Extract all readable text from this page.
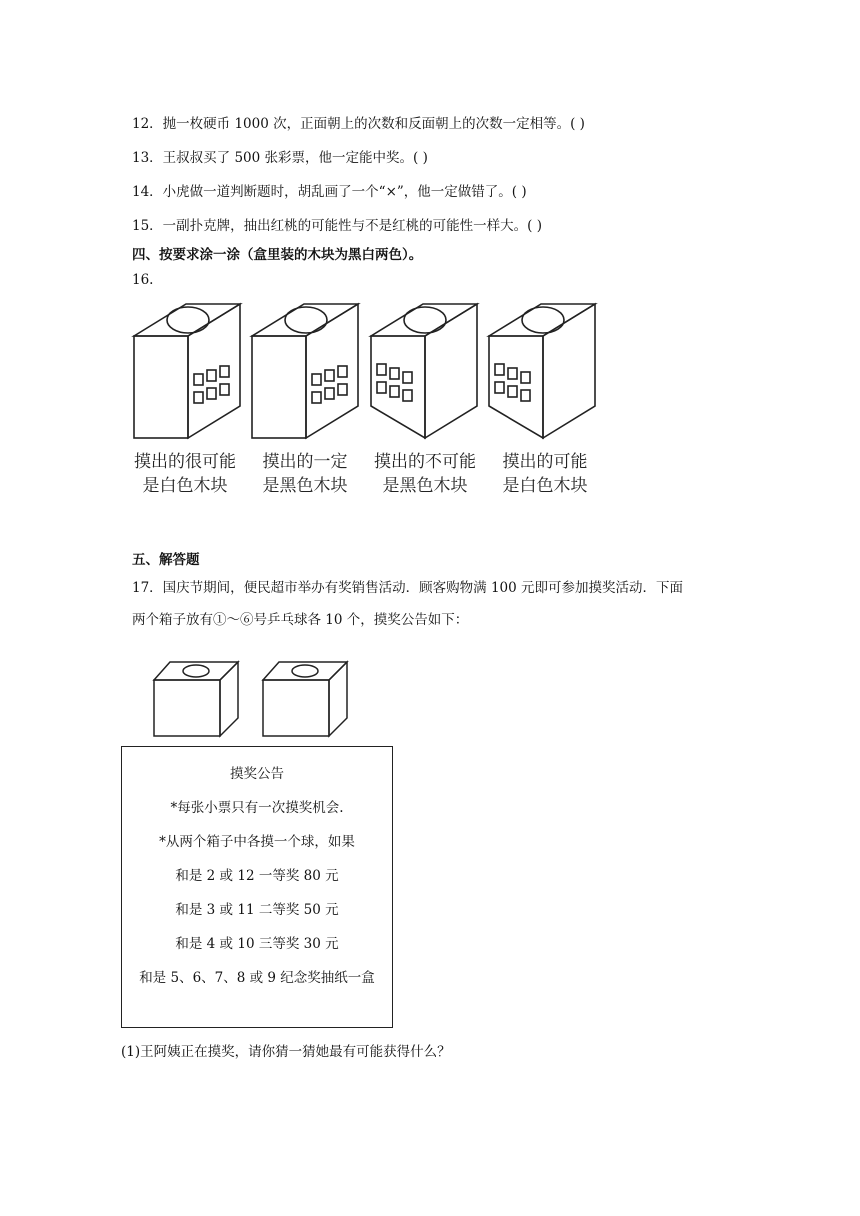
12．抛一枚硬币 1000 次，正面朝上的次数和反面朝上的次数一定相等。( )
13．王叔叔买了 500 张彩票，他一定能中奖。( )
14．小虎做一道判断题时，胡乱画了一个“×”，他一定做错了。( )
15．一副扑克牌，抽出红桃的可能性与不是红桃的可能性一样大。( )
四、按要求涂一涂（盒里装的木块为黑白两色）。
16.
摸出的很可能
是白色木块
摸出的一定
是黑色木块
摸出的不可能
是黑色木块
摸出的可能
是白色木块
五、解答题
17．国庆节期间，便民超市举办有奖销售活动．顾客购物满 100 元即可参加摸奖活动．下面
两个箱子放有①～⑥号乒乓球各 10 个，摸奖公告如下：
摸奖公告
*每张小票只有一次摸奖机会.
*从两个箱子中各摸一个球，如果
和是 2 或 12 一等奖 80 元
和是 3 或 11 二等奖 50 元
和是 4 或 10 三等奖 30 元
和是 5、6、7、8 或 9 纪念奖抽纸一盒
(1)王阿姨正在摸奖，请你猜一猜她最有可能获得什么？
